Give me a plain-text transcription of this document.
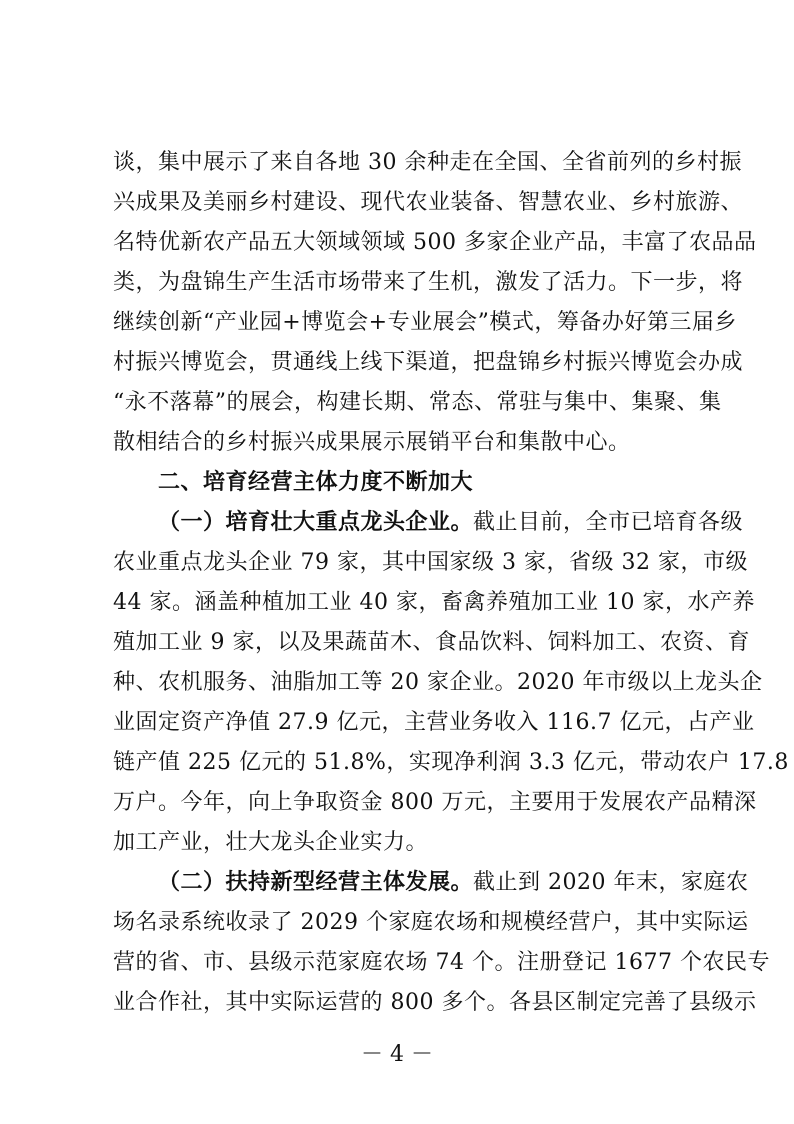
谈，集中展示了来自各地 30 余种走在全国、全省前列的乡村振
兴成果及美丽乡村建设、现代农业装备、智慧农业、乡村旅游、
名特优新农产品五大领域领域 500 多家企业产品，丰富了农品品
类，为盘锦生产生活市场带来了生机，激发了活力。下一步，将
继续创新“产业园+博览会+专业展会”模式，筹备办好第三届乡
村振兴博览会，贯通线上线下渠道，把盘锦乡村振兴博览会办成
“永不落幕”的展会，构建长期、常态、常驻与集中、集聚、集
散相结合的乡村振兴成果展示展销平台和集散中心。
二、培育经营主体力度不断加大
（一）培育壮大重点龙头企业。截止目前，全市已培育各级
农业重点龙头企业 79 家，其中国家级 3 家，省级 32 家，市级
44 家。涵盖种植加工业 40 家，畜禽养殖加工业 10 家，水产养
殖加工业 9 家，以及果蔬苗木、食品饮料、饲料加工、农资、育
种、农机服务、油脂加工等 20 家企业。2020 年市级以上龙头企
业固定资产净值 27.9 亿元，主营业务收入 116.7 亿元，占产业
链产值 225 亿元的 51.8%，实现净利润 3.3 亿元，带动农户 17.8
万户。今年，向上争取资金 800 万元，主要用于发展农产品精深
加工产业，壮大龙头企业实力。
（二）扶持新型经营主体发展。截止到 2020 年末，家庭农
场名录系统收录了 2029 个家庭农场和规模经营户，其中实际运
营的省、市、县级示范家庭农场 74 个。注册登记 1677 个农民专
业合作社，其中实际运营的 800 多个。各县区制定完善了县级示
－ 4 －
